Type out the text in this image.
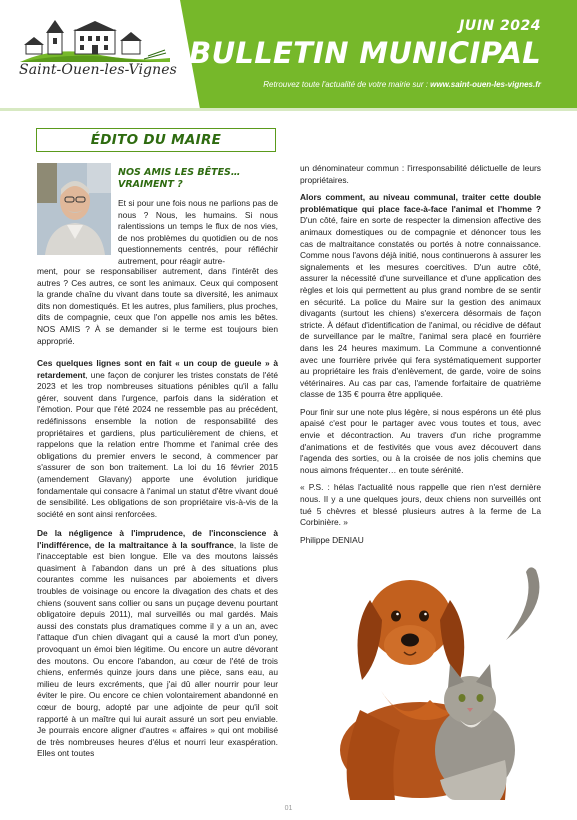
Saint-Ouen-les-Vignes
JUIN 2024
BULLETIN MUNICIPAL
Retrouvez toute l'actualité de votre mairie sur : www.saint-ouen-les-vignes.fr
ÉDITO DU MAIRE
NOS AMIS LES BÊTES… VRAIMENT ?

Et si pour une fois nous ne parlions pas de nous ? Nous, les humains. Si nous ralentissions un temps le flux de nos vies, de nos problèmes du quotidien ou de nos questionnements centrés, pour réfléchir autrement, pour réagir autre-

ment, pour se responsabiliser autrement, dans l'intérêt des autres ? Ces autres, ce sont les animaux. Ceux qui composent la grande chaîne du vivant dans toute sa diversité, les animaux dits non domestiqués. Et les autres, plus familiers, plus proches, dits de compagnie, ceux que l'on appelle nos amis les bêtes. NOS AMIS ? À se demander si le terme est toujours bien approprié.

Ces quelques lignes sont en fait « un coup de gueule » à retardement, une façon de conjurer les tristes constats de l'été 2023 et les trop nombreuses situations pénibles qu'il a fallu gérer, souvent dans l'urgence, parfois dans la sidération et l'émotion. Pour que l'été 2024 ne ressemble pas au précédent, redéfinissons ensemble la notion de responsabilité des propriétaires et gardiens, plus particulièrement de chiens, et rappelons que la relation entre l'homme et l'animal crée des obligations du premier envers le second, à commencer par s'assurer de son bon traitement. La loi du 16 février 2015 (amendement Glavany) apporte une évolution juridique fondamentale qui consacre à l'animal un statut d'être vivant doué de sensibilité. Les obligations de son propriétaire vis-à-vis de la société en sont ainsi renforcées.

De la négligence à l'imprudence, de l'inconscience à l'indifférence, de la maltraitance à la souffrance, la liste de l'inacceptable est bien longue. Elle va des moutons laissés quasiment à l'abandon dans un pré à des situations plus courantes comme les nuisances par aboiements et divers troubles de voisinage ou encore la divagation des chats et des chiens (souvent sans collier ou sans un puçage devenu pourtant obligatoire depuis 2011), mal surveillés ou mal gardés. Mais aussi des constats plus dramatiques comme il y a un an, avec l'attaque d'un chien divagant qui a causé la mort d'un poney, provoquant un émoi bien légitime. Ou encore un autre dévorant des moutons. Ou encore l'abandon, au cœur de l'été de trois chiens, enfermés quinze jours dans une pièce, sans eau, au milieu de leurs excréments, que j'ai dû aller nourrir pour leur éviter le pire. Ou encore ce chien volontairement abandonné en cœur de bourg, adopté par une adjointe de peur qu'il soit rapporté à un maître qui lui aurait assuré un sort peu enviable. Je pourrais encore aligner d'autres « affaires » qui ont mobilisé de très nombreuses heures d'élus et nourri leur exaspération. Elles ont toutes

un dénominateur commun : l'irresponsabilité délictuelle de leurs propriétaires.

Alors comment, au niveau communal, traiter cette double problématique qui place face-à-face l'animal et l'homme ? D'un côté, faire en sorte de respecter la dimension affective des animaux domestiques ou de compagnie et dénoncer tous les cas de maltraitance constatés ou portés à notre connaissance. Comme nous l'avons déjà initié, nous continuerons à assurer les signalements et les mesures coercitives. D'un autre côté, assurer la nécessité d'une surveillance et d'une application des règles et lois qui permettent au plus grand nombre de se sentir en sécurité. La police du Maire sur la gestion des animaux divagants (surtout les chiens) s'exercera désormais de façon stricte. À défaut d'identification de l'animal, ou récidive de défaut de surveillance par le maître, l'animal sera placé en fourrière dans les 24 heures maximum. La Commune a conventionné avec une fourrière privée qui fera systématiquement supporter au propriétaire les frais d'enlèvement, de garde, voire de soins vétérinaires. Au cas par cas, l'amende forfaitaire de quatrième classe de 135 € pourra être appliquée.

Pour finir sur une note plus légère, si nous espérons un été plus apaisé c'est pour le partager avec vous toutes et tous, avec envie et décontraction. Au travers d'un riche programme d'animations et de festivités que vous avez découvert dans l'agenda des sorties, ou à la croisée de nos jolis chemins que nous aimons fréquenter… en toute sérénité.

« P.S. : hélas l'actualité nous rappelle que rien n'est dernière nous. Il y a une quelques jours, deux chiens non surveillés ont tué 5 chèvres et blessé plusieurs autres à la ferme de La Corbinière. »

Philippe DENIAU

01
